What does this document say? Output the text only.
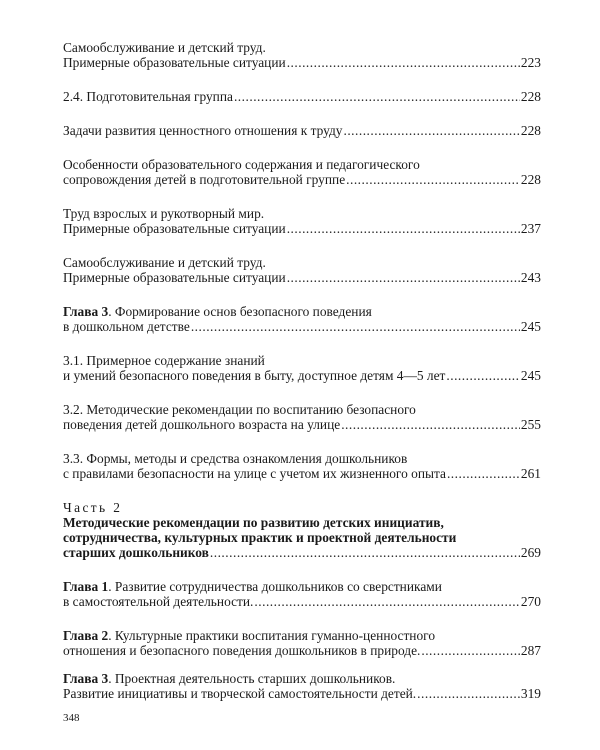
Самообслуживание и детский труд.
Примерные образовательные ситуации .....	223
2.4. Подготовительная группа .....	228
Задачи развития ценностного отношения к труду .....	228
Особенности образовательного содержания и педагогического
сопровождения детей в подготовительной группе .....	228
Труд взрослых и рукотворный мир.
Примерные образовательные ситуации .....	237
Самообслуживание и детский труд.
Примерные образовательные ситуации .....	243
Глава 3. Формирование основ безопасного поведения
в дошкольном детстве .....	245
3.1. Примерное содержание знаний
и умений безопасного поведения в быту, доступное детям 4—5 лет .....	245
3.2. Методические рекомендации по воспитанию безопасного
поведения детей дошкольного возраста на улице .....	255
3.3. Формы, методы и средства ознакомления дошкольников
с правилами безопасности на улице с учетом их жизненного опыта .....	261
Часть 2
Методические рекомендации по развитию детских инициатив,
сотрудничества, культурных практик и проектной деятельности
старших дошкольников .....	269
Глава 1. Развитие сотрудничества дошкольников со сверстниками
в самостоятельной деятельности. .....	270
Глава 2. Культурные практики воспитания гуманно-ценностного
отношения и безопасного поведения дошкольников в природе. .....	287
Глава 3. Проектная деятельность старших дошкольников.
Развитие инициативы и творческой самостоятельности детей. .....	319
348
